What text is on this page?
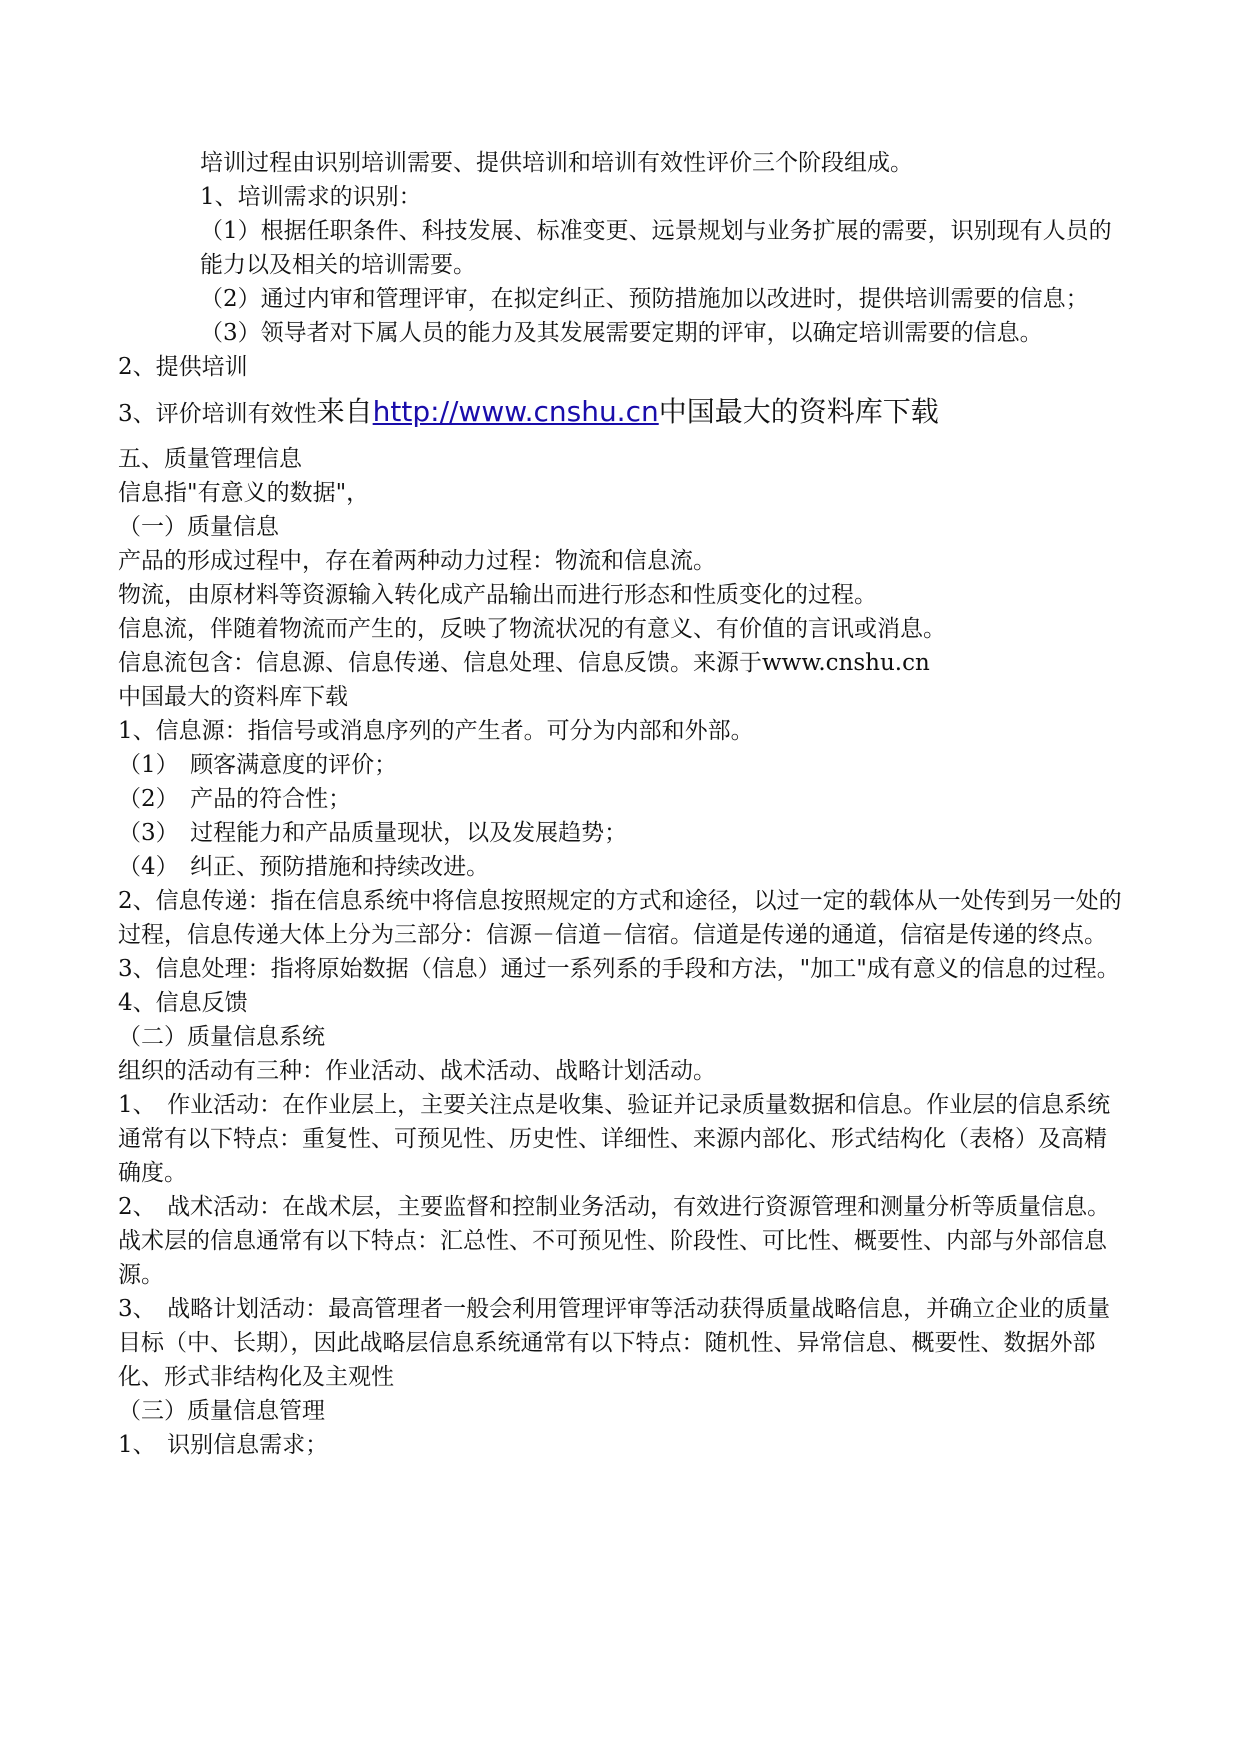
培训过程由识别培训需要、提供培训和培训有效性评价三个阶段组成。

1、培训需求的识别：

（1）根据任职条件、科技发展、标准变更、远景规划与业务扩展的需要，识别现有人员的能力以及相关的培训需要。

（2）通过内审和管理评审，在拟定纠正、预防措施加以改进时，提供培训需要的信息；

（3）领导者对下属人员的能力及其发展需要定期的评审，以确定培训需要的信息。

2、提供培训

3、评价培训有效性来自http://www.cnshu.cn中国最大的资料库下载

五、质量管理信息

信息指"有意义的数据"，

（一）质量信息

产品的形成过程中，存在着两种动力过程：物流和信息流。

物流，由原材料等资源输入转化成产品输出而进行形态和性质变化的过程。

信息流，伴随着物流而产生的，反映了物流状况的有意义、有价值的言讯或消息。

信息流包含：信息源、信息传递、信息处理、信息反馈。来源于www.cnshu.cn

中国最大的资料库下载

1、信息源：指信号或消息序列的产生者。可分为内部和外部。

（1）　顾客满意度的评价；

（2）　产品的符合性；

（3）　过程能力和产品质量现状，以及发展趋势；

（4）　纠正、预防措施和持续改进。

2、信息传递：指在信息系统中将信息按照规定的方式和途径，以过一定的载体从一处传到另一处的过程，信息传递大体上分为三部分：信源－信道－信宿。信道是传递的通道，信宿是传递的终点。

3、信息处理：指将原始数据（信息）通过一系列系的手段和方法，"加工"成有意义的信息的过程。

4、信息反馈

（二）质量信息系统

组织的活动有三种：作业活动、战术活动、战略计划活动。

1、　作业活动：在作业层上，主要关注点是收集、验证并记录质量数据和信息。作业层的信息系统通常有以下特点：重复性、可预见性、历史性、详细性、来源内部化、形式结构化（表格）及高精确度。

2、　战术活动：在战术层，主要监督和控制业务活动，有效进行资源管理和测量分析等质量信息。战术层的信息通常有以下特点：汇总性、不可预见性、阶段性、可比性、概要性、内部与外部信息源。

3、　战略计划活动：最高管理者一般会利用管理评审等活动获得质量战略信息，并确立企业的质量目标（中、长期），因此战略层信息系统通常有以下特点：随机性、异常信息、概要性、数据外部化、形式非结构化及主观性

（三）质量信息管理

1、　识别信息需求；
